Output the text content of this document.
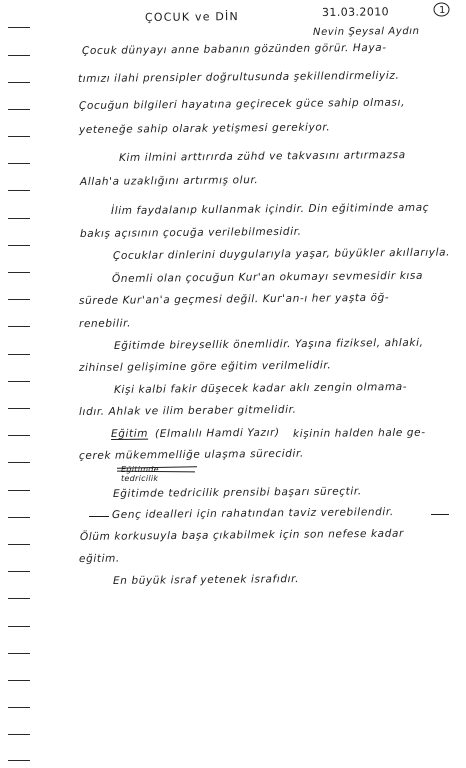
ÇOCUK ve DİN	31.03.2010	1
Nevin Şeysal Aydın
Çocuk dünyayı anne babanın gözünden görür. Haya-
tımızı ilahi prensipler doğrultusunda şekillendirmeliyiz.
Çocuğun bilgileri hayatına geçirecek güce sahip olması,
yeteneğe sahip olarak yetişmesi gerekiyor.
Kim ilmini arttırırda zühd ve takvasını artırmazsa
Allah'a uzaklığını artırmış olur.
İlim faydalanıp kullanmak içindir. Din eğitiminde amaç
bakış açısının çocuğa verilebilmesidir.
Çocuklar dinlerini duygularıyla yaşar, büyükler akıllarıyla.
Önemli olan çocuğun Kur'an okumayı sevmesidir kısa
sürede Kur'an'a geçmesi değil. Kur'an-ı her yaşta öğ-
renebilir.
Eğitimde bireysellik önemlidir. Yaşına fiziksel, ahlaki,
zihinsel gelişimine göre eğitim verilmelidir.
Kişi kalbi fakir düşecek kadar aklı zengin olmama-
lıdır. Ahlak ve ilim beraber gitmelidir.
Eğitim (Elmalılı Hamdi Yazır) kişinin halden hale ge-
çerek mükemmelliğe ulaşma sürecidir.
Eğitimde tedricilik
Eğitimde tedricilik prensibi başarı süreçtir.
Genç idealleri için rahatından taviz verebilendir.
Ölüm korkusuyla başa çıkabilmek için son nefese kadar
eğitim.
En büyük israf yetenek israfıdır.
